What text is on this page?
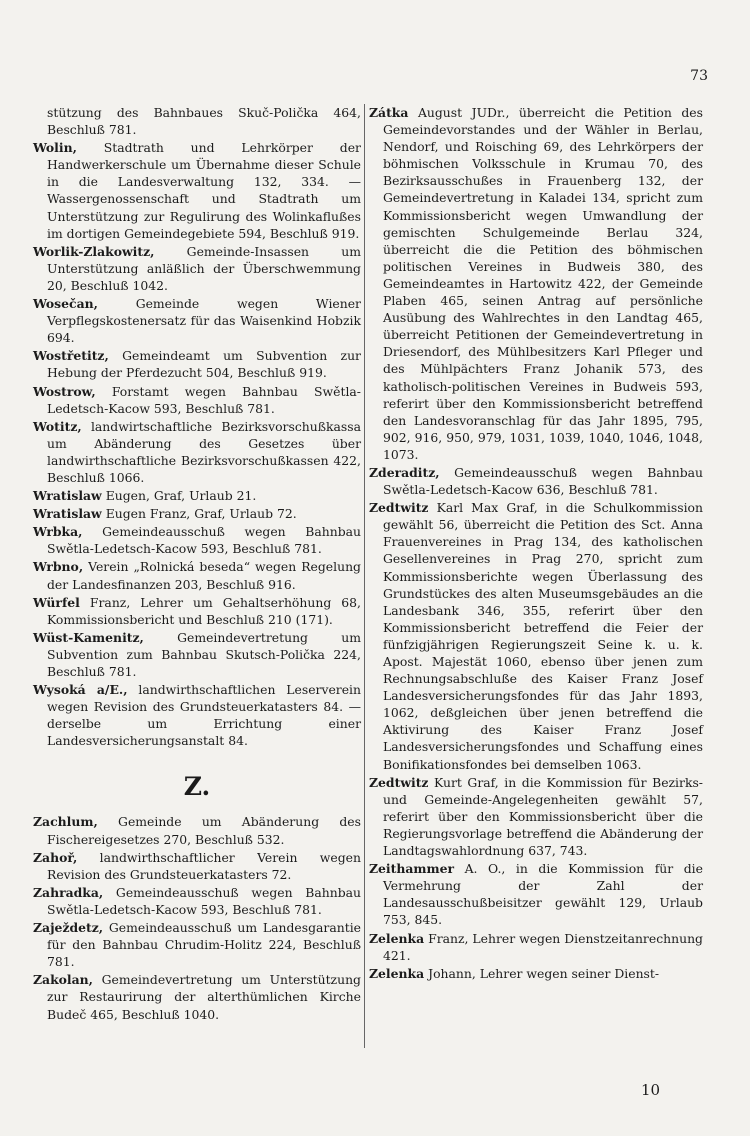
73

stützung des Bahnbaues Skuč-Polička 464, Beschluß 781.

Wolin, Stadtrath und Lehrkörper der Handwerkerschule um Übernahme dieser Schule in die Landesverwaltung 132, 334. — Wassergenossenschaft und Stadtrath um Unterstützung zur Regulirung des Wolinkaflußes im dortigen Gemeindegebiete 594, Beschluß 919.

Worlik-Zlakowitz,	Gemeinde-Insassen um Unterstützung anläßlich der Überschwemmung 20, Beschluß 1042.

Wosečan,	Gemeinde wegen Wiener Verpflegskostenersatz für das Waisenkind Hobzik 694.

Wostřetitz, Gemeindeamt um Subvention zur Hebung der Pferdezucht 504, Beschluß 919.

Wostrow, Forstamt wegen Bahnbau Swětla-Ledetsch-Kacow 593, Beschluß 781.

Wotitz, landwirtschaftliche Bezirksvorschußkassa um Abänderung des Gesetzes über landwirthschaftliche Bezirksvorschußkassen 422, Beschluß 1066.

Wratislaw Eugen, Graf, Urlaub 21.

Wratislaw Eugen Franz, Graf, Urlaub 72.

Wrbka, Gemeindeausschuß wegen Bahnbau Swětla-Ledetsch-Kacow 593, Beschluß 781.

Wrbno, Verein „Rolnická beseda“ wegen Regelung der Landesfinanzen 203, Beschluß 916.

Würfel Franz, Lehrer um Gehaltserhöhung 68, Kommissionsbericht und Beschluß 210 (171).

Wüst-Kamenitz,	Gemeindevertretung um Subvention zum Bahnbau Skutsch-Polička 224, Beschluß 781.

Wysoká a/E., landwirthschaftlichen Leserverein wegen Revision des Grundsteuerkatasters 84. — derselbe um Errichtung einer Landesversicherungsanstalt 84.

Z.

Zachlum, Gemeinde um Abänderung des Fischereigesetzes 270, Beschluß 532.

Zahoř, landwirthschaftlicher Verein wegen Revision des Grundsteuerkatasters 72.

Zahradka, Gemeindeausschuß wegen Bahnbau Swětla-Ledetsch-Kacow 593, Beschluß 781.

Zaježdetz, Gemeindeausschuß um Landesgarantie für den Bahnbau Chrudim-Holitz 224, Beschluß 781.

Zakolan, Gemeindevertretung um Unterstützung zur Restaurirung der alterthümlichen Kirche Budeč 465, Beschluß 1040.

Zátka August JUDr., überreicht die Petition des Gemeindevorstandes und der Wähler in Berlau, Nendorf, und Roisching 69, des Lehrkörpers der böhmischen Volksschule in Krumau 70, des Bezirksausschußes in Frauenberg 132, der Gemeindevertretung in Kaladei 134, spricht zum Kommissionsbericht wegen Umwandlung der gemischten Schulgemeinde Berlau 324, überreicht die die Petition des böhmischen politischen Vereines in Budweis 380, des Gemeindeamtes in Hartowitz 422, der Gemeinde Plaben 465, seinen Antrag auf persönliche Ausübung des Wahlrechtes in den Landtag 465, überreicht Petitionen der Gemeindevertretung in Driesendorf, des Mühlbesitzers Karl Pfleger und des Mühlpächters Franz Johanik 573, des katholisch-politischen Vereines in Budweis 593, referirt über den Kommissionsbericht betreffend den Landesvoranschlag für das Jahr 1895, 795, 902, 916, 950, 979, 1031, 1039, 1040, 1046, 1048, 1073.

Zderaditz, Gemeindeausschuß wegen Bahnbau Swětla-Ledetsch-Kacow 636, Beschluß 781.

Zedtwitz Karl Max Graf, in die Schulkommission gewählt 56, überreicht die Petition des Sct. Anna Frauenvereines in Prag 134, des katholischen Gesellenvereines in Prag 270, spricht zum Kommissionsberichte wegen Überlassung des Grundstückes des alten Museumsgebäudes an die Landesbank 346, 355, referirt über den Kommissionsbericht betreffend die Feier der fünfzigjährigen Regierungszeit Seine k. u. k. Apost. Majestät 1060, ebenso über jenen zum Rechnungsabschluße des Kaiser Franz Josef Landesversicherungsfondes für das Jahr 1893, 1062, deßgleichen über jenen betreffend die Aktivirung des Kaiser Franz Josef Landesversicherungsfondes und Schaffung eines Bonifikationsfondes bei demselben 1063.

Zedtwitz Kurt Graf, in die Kommission für Bezirks- und Gemeinde-Angelegenheiten gewählt 57, referirt über den Kommissionsbericht über die Regierungsvorlage betreffend die Abänderung der Landtagswahlordnung 637, 743.

Zeithammer A. O., in die Kommission für die Vermehrung der Zahl der Landesausschußbeisitzer gewählt 129, Urlaub 753, 845.

Zelenka Franz, Lehrer wegen Dienstzeitanrechnung 421.

Zelenka Johann, Lehrer wegen seiner Dienst-

10
